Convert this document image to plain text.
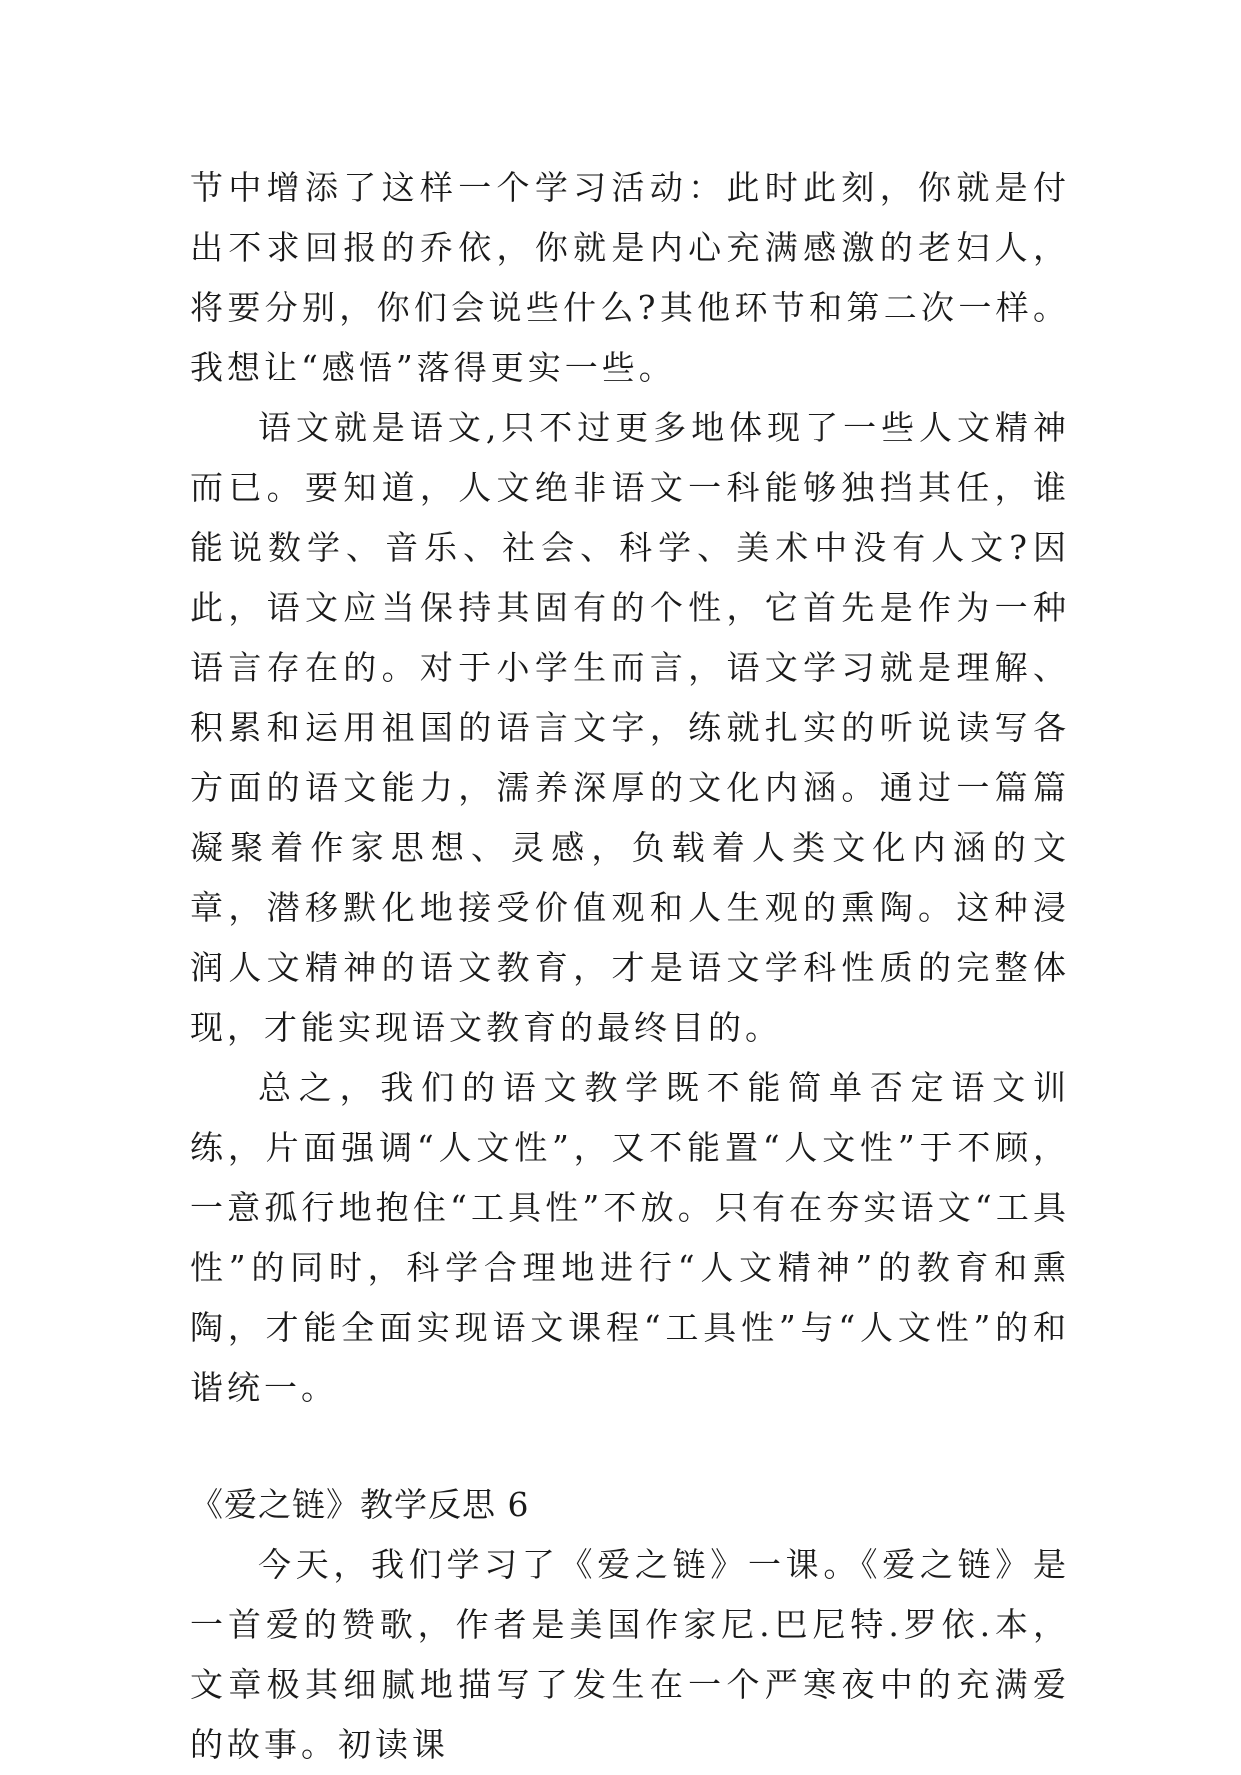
节中增添了这样一个学习活动：此时此刻，你就是付出不求回报的乔依，你就是内心充满感激的老妇人，将要分别，你们会说些什么?其他环节和第二次一样。我想让“感悟”落得更实一些。

语文就是语文,只不过更多地体现了一些人文精神而已。要知道，人文绝非语文一科能够独挡其任，谁能说数学、音乐、社会、科学、美术中没有人文?因此，语文应当保持其固有的个性，它首先是作为一种语言存在的。对于小学生而言，语文学习就是理解、积累和运用祖国的语言文字，练就扎实的听说读写各方面的语文能力，濡养深厚的文化内涵。通过一篇篇凝聚着作家思想、灵感，负载着人类文化内涵的文章，潜移默化地接受价值观和人生观的熏陶。这种浸润人文精神的语文教育，才是语文学科性质的完整体现，才能实现语文教育的最终目的。

总之，我们的语文教学既不能简单否定语文训练，片面强调“人文性”，又不能置“人文性”于不顾，一意孤行地抱住“工具性”不放。只有在夯实语文“工具性”的同时，科学合理地进行“人文精神”的教育和熏陶，才能全面实现语文课程“工具性”与“人文性”的和谐统一。

《爱之链》教学反思 6

今天，我们学习了《爱之链》一课。《爱之链》是一首爱的赞歌，作者是美国作家尼.巴尼特.罗依.本，文章极其细腻地描写了发生在一个严寒夜中的充满爱的故事。初读课
